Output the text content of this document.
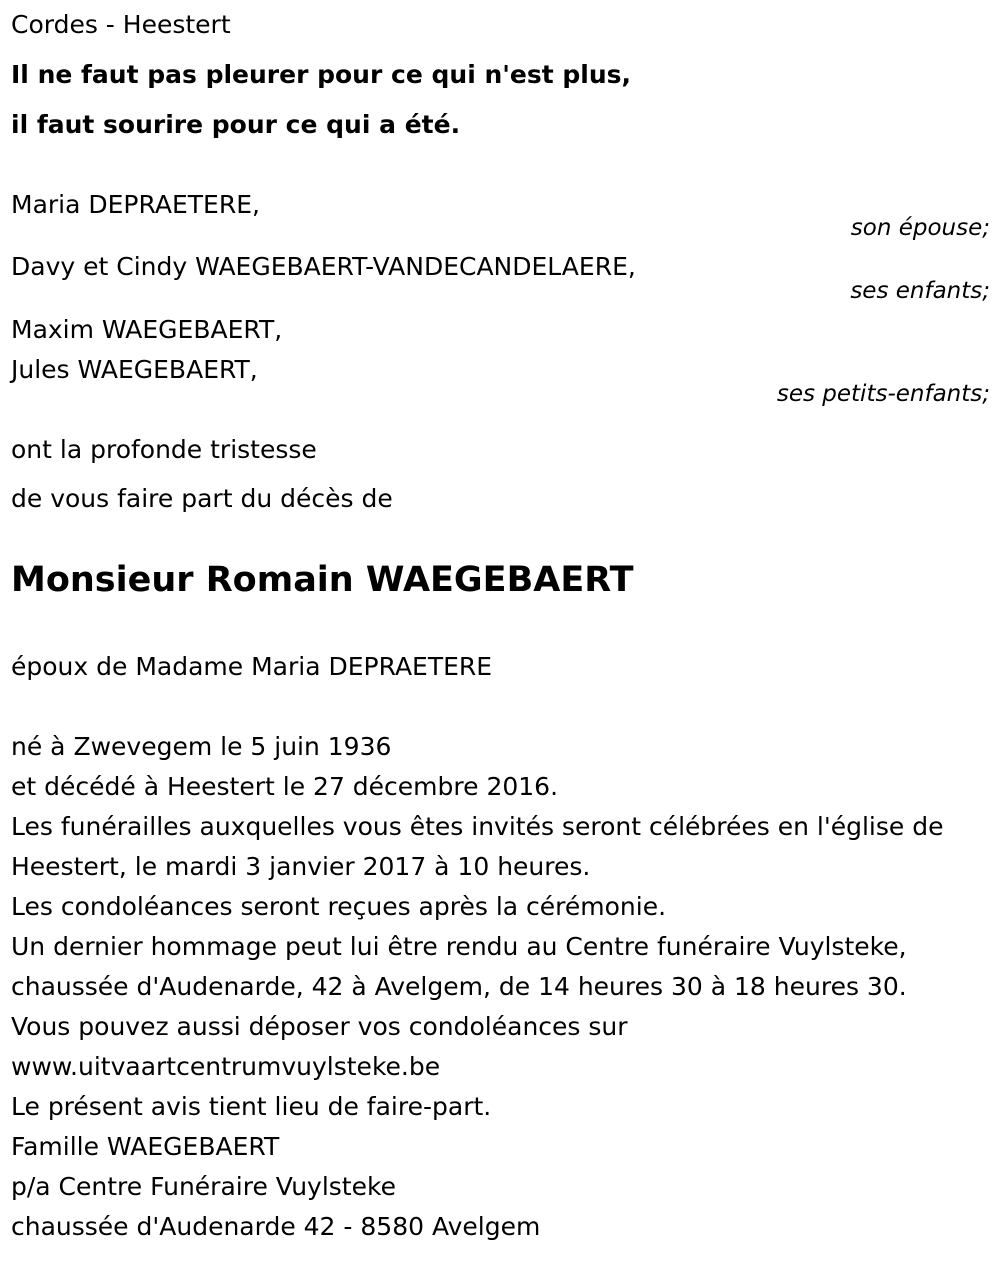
Cordes - Heestert
Il ne faut pas pleurer pour ce qui n'est plus,
il faut sourire pour ce qui a été.
Maria DEPRAETERE,
son épouse;
Davy et Cindy WAEGEBAERT-VANDECANDELAERE,
ses enfants;
Maxim WAEGEBAERT,
Jules WAEGEBAERT,
ses petits-enfants;
ont la profonde tristesse
de vous faire part du décès de
Monsieur Romain WAEGEBAERT
époux de Madame Maria DEPRAETERE
né à Zwevegem le 5 juin 1936
et décédé à Heestert le 27 décembre 2016.
Les funérailles auxquelles vous êtes invités seront célébrées en l'église de
Heestert, le mardi 3 janvier 2017 à 10 heures.
Les condoléances seront reçues après la cérémonie.
Un dernier hommage peut lui être rendu au Centre funéraire Vuylsteke,
chaussée d'Audenarde, 42 à Avelgem, de 14 heures 30 à 18 heures 30.
Vous pouvez aussi déposer vos condoléances sur
www.uitvaartcentrumvuylsteke.be
Le présent avis tient lieu de faire-part.
Famille WAEGEBAERT
p/a Centre Funéraire Vuylsteke
chaussée d'Audenarde 42 - 8580 Avelgem
